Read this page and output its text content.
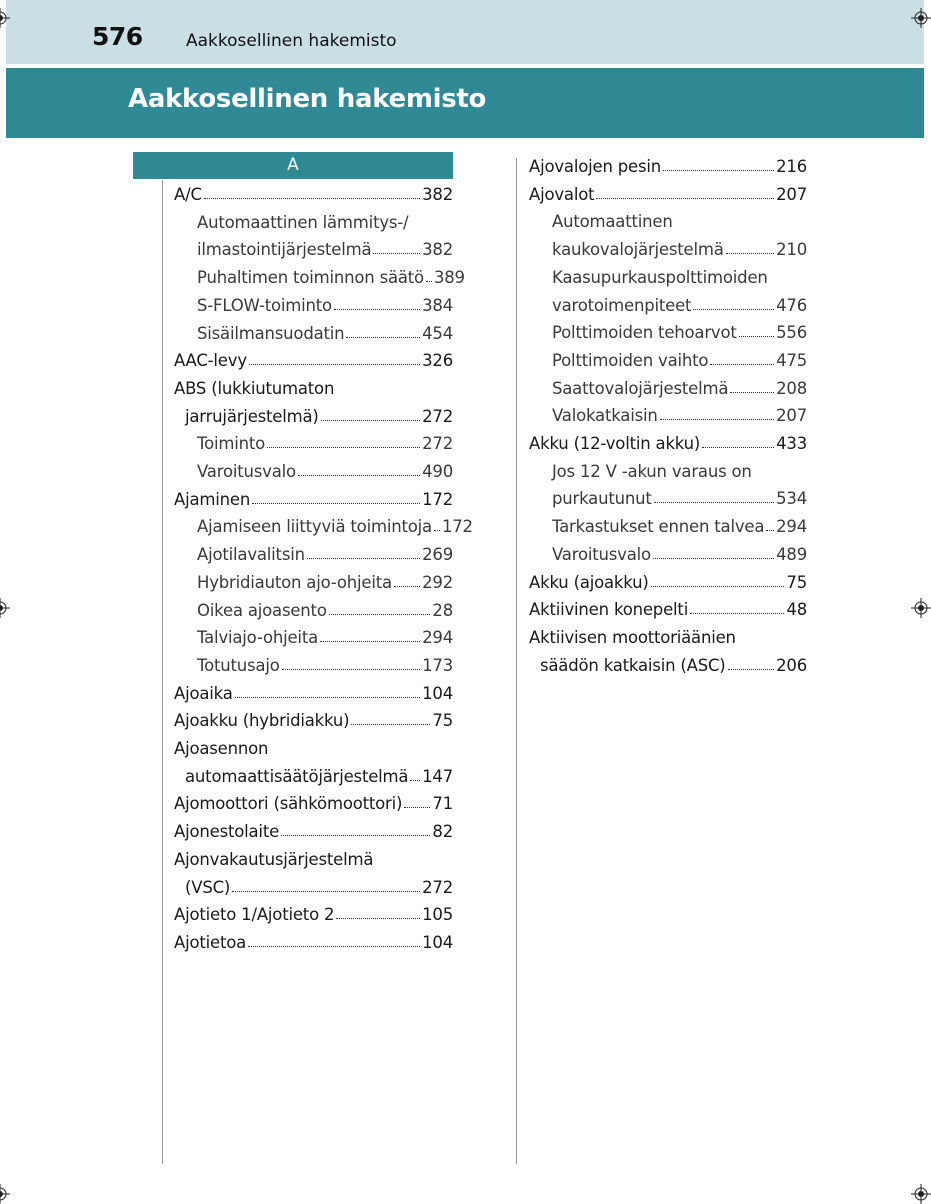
576	Aakkosellinen hakemisto
Aakkosellinen hakemisto
A
A/C	382
Automaattinen lämmitys-/
ilmastointijärjestelmä	382
Puhaltimen toiminnon säätö 389
S-FLOW-toiminto	384
Sisäilmansuodatin	454
AAC-levy	326
ABS (lukkiutumaton
jarrujärjestelmä)	272
Toiminto	272
Varoitusvalo	490
Ajaminen	172
Ajamiseen liittyviä toimintoja 172
Ajotilavalitsin	269
Hybridiauton ajo-ohjeita 292
Oikea ajoasento	28
Talviajo-ohjeita	294
Totutusajo	173
Ajoaika	104
Ajoakku (hybridiakku)	75
Ajoasennon
automaattisäätöjärjestelmä 147
Ajomoottori (sähkömoottori) 71
Ajonestolaite	82
Ajonvakautusjärjestelmä
(VSC)	272
Ajotieto 1/Ajotieto 2	105
Ajotietoa	104
Ajovalojen pesin	216
Ajovalot	207
Automaattinen
kaukovalojärjestelmä	210
Kaasupurkauspolttimoiden
varotoimenpiteet	476
Polttimoiden tehoarvot 556
Polttimoiden vaihto	475
Saattovalojärjestelmä	208
Valokatkaisin	207
Akku (12-voltin akku)	433
Jos 12 V -akun varaus on
purkautunut	534
Tarkastukset ennen talvea 294
Varoitusvalo	489
Akku (ajoakku)	75
Aktiivinen konepelti	48
Aktiivisen moottoriäänien
säädön katkaisin (ASC)	206
